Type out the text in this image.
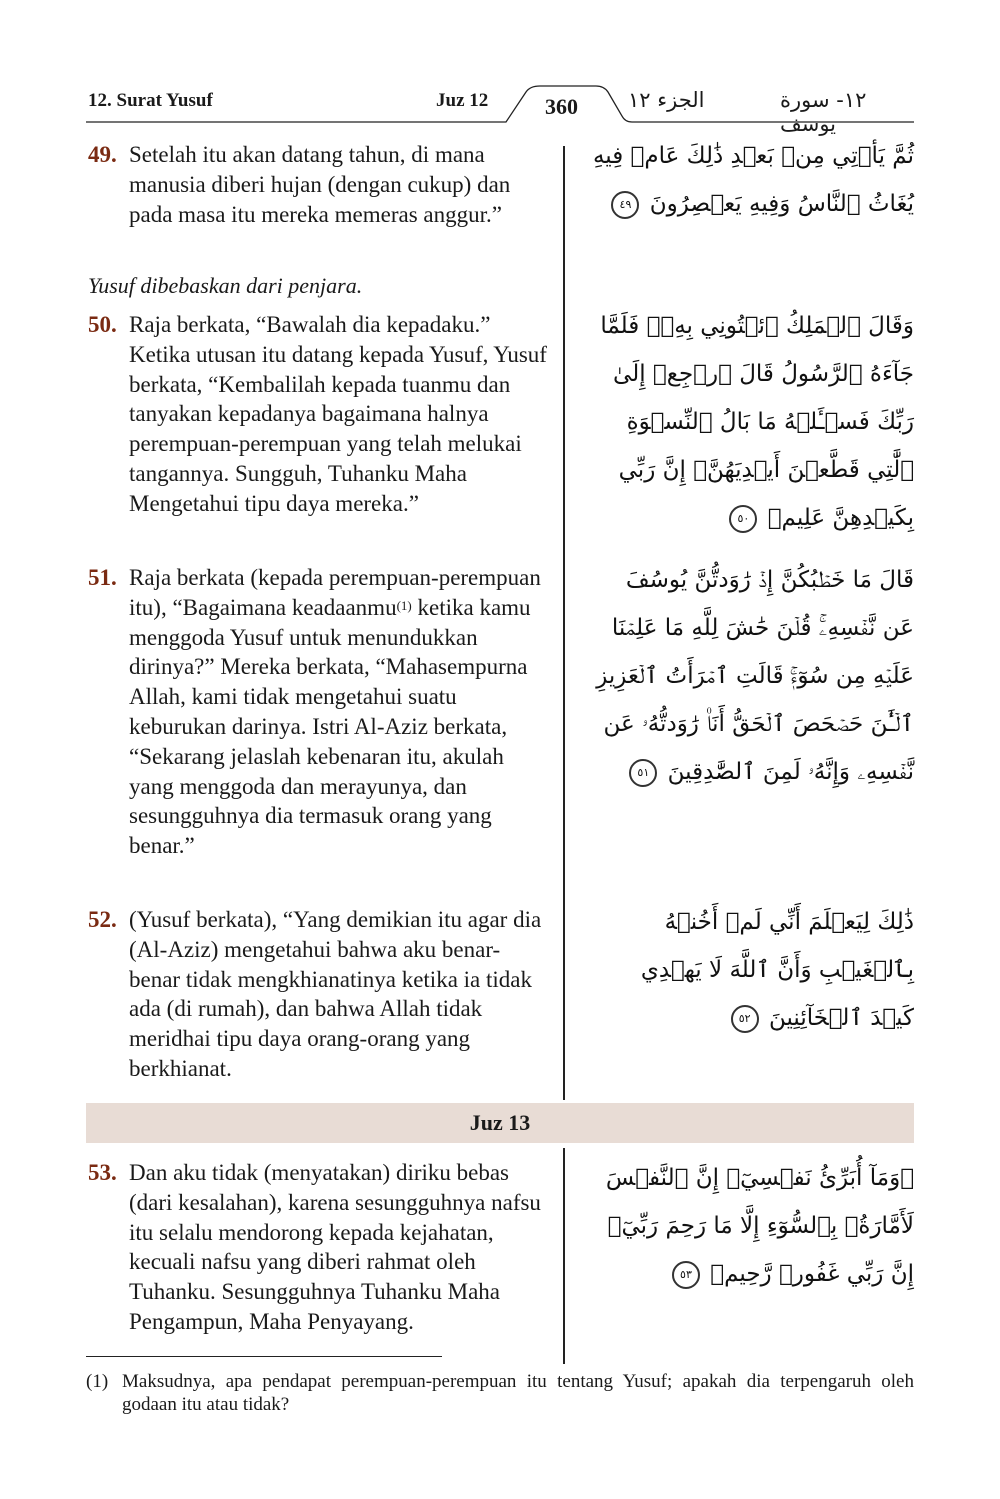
12. Surat Yusuf	Juz 12	360 الجزء ١٢	١٢- سورة يوسف
49. Setelah itu akan datang tahun, di mana manusia diberi hujan (dengan cukup) dan pada masa itu mereka memeras anggur.”
ثُمَّ يَأۡتِي مِنۢ بَعۡدِ ذَٰلِكَ عَامٞ فِيهِ يُغَاثُ ٱلنَّاسُ وَفِيهِ يَعۡصِرُونَ ٤٩
Yusuf dibebaskan dari penjara.
50. Raja berkata, “Bawalah dia kepadaku.” Ketika utusan itu datang kepada Yusuf, Yusuf berkata, “Kembalilah kepada tuanmu dan tanyakan kepadanya bagaimana halnya perempuan-perempuan yang telah melukai tangannya. Sungguh, Tuhanku Maha Mengetahui tipu daya mereka.”
وَقَالَ ٱلۡمَلِكُ ٱئۡتُونِي بِهِۦۖ فَلَمَّا جَآءَهُ ٱلرَّسُولُ قَالَ ٱرۡجِعۡ إِلَىٰ رَبِّكَ فَسۡـَٔلۡهُ مَا بَالُ ٱلنِّسۡوَةِ ٱلَّٰتِي قَطَّعۡنَ أَيۡدِيَهُنَّۚ إِنَّ رَبِّي بِكَيۡدِهِنَّ عَلِيمٞ ٥٠
51. Raja berkata (kepada perempuan-perempuan itu), “Bagaimana keadaanmu$^{(1)}$ ketika kamu menggoda Yusuf untuk menundukkan dirinya?” Mereka berkata, “Mahasempurna Allah, kami tidak mengetahui suatu keburukan darinya. Istri Al-Aziz berkata, “Sekarang jelaslah kebenaran itu, akulah yang menggoda dan merayunya, dan sesungguhnya dia termasuk orang yang benar.”
قَالَ مَا خَطۡبُكُنَّ إِذۡ رَٰوَدتُّنَّ يُوسُفَ عَن نَّفۡسِهِۦۚ قُلۡنَ حَٰشَ لِلَّهِ مَا عَلِمۡنَا عَلَيۡهِ مِن سُوٓءٖۚ قَالَتِ ٱمۡرَأَتُ ٱلۡعَزِيزِ ٱلۡـَٰٔنَ حَصۡحَصَ ٱلۡحَقُّ أَنَا۠ رَٰوَدتُّهُۥ عَن نَّفۡسِهِۦ وَإِنَّهُۥ لَمِنَ ٱلصَّٰدِقِينَ ٥١
52. (Yusuf berkata), “Yang demikian itu agar dia (Al-Aziz) mengetahui bahwa aku benar-benar tidak mengkhianatinya ketika ia tidak ada (di rumah), dan bahwa Allah tidak meridhai tipu daya orang-orang yang berkhianat.
ذَٰلِكَ لِيَعۡلَمَ أَنِّي لَمۡ أَخُنۡهُ بِٱلۡغَيۡبِ وَأَنَّ ٱللَّهَ لَا يَهۡدِي كَيۡدَ ٱلۡخَآئِنِينَ ٥٢
Juz 13
53. Dan aku tidak (menyatakan) diriku bebas (dari kesalahan), karena sesungguhnya nafsu itu selalu mendorong kepada kejahatan, kecuali nafsu yang diberi rahmat oleh Tuhanku. Sesungguhnya Tuhanku Maha Pengampun, Maha Penyayang.
۞وَمَآ أُبَرِّئُ نَفۡسِيٓۚ إِنَّ ٱلنَّفۡسَ لَأَمَّارَةُۢ بِٱلسُّوٓءِ إِلَّا مَا رَحِمَ رَبِّيٓۚ إِنَّ رَبِّي غَفُورٞ رَّحِيمٞ ٥٣
(1) Maksudnya, apa pendapat perempuan-perempuan itu tentang Yusuf; apakah dia terpengaruh oleh godaan itu atau tidak?
